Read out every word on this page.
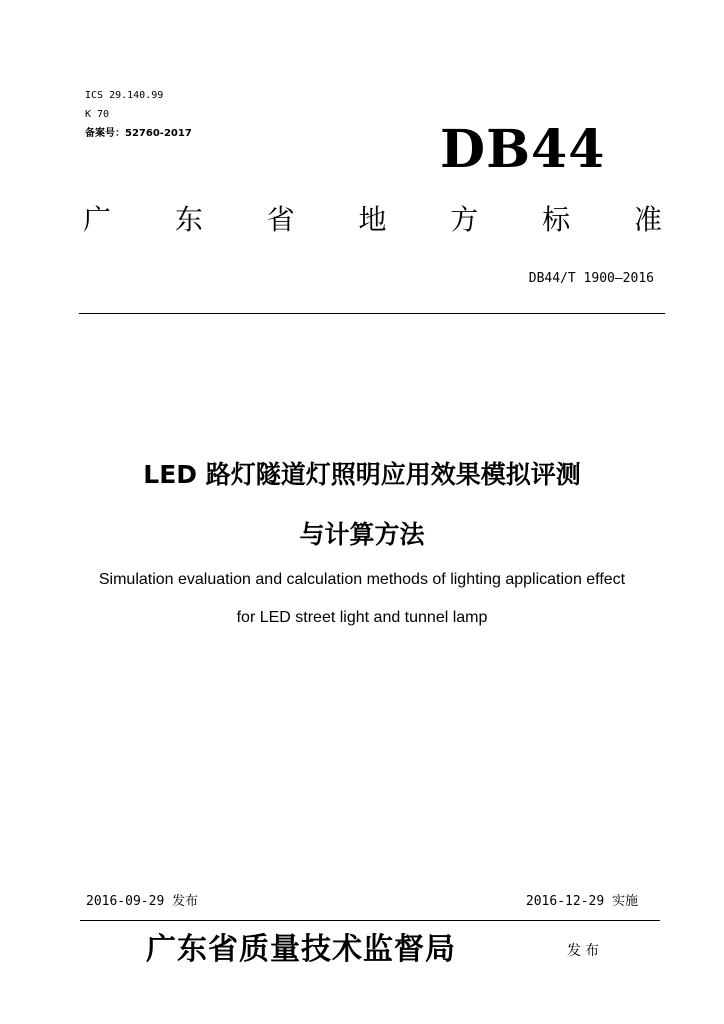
ICS 29.140.99
K 70
备案号：52760-2017	DB44
广 东 省 地 方 标 准
DB44/T 1900—2016
LED 路灯隧道灯照明应用效果模拟评测
与计算方法
Simulation evaluation and calculation methods of lighting application effect
for LED street light and tunnel lamp
2016-09-29 发布	2016-12-29 实施
广东省质量技术监督局	发布
